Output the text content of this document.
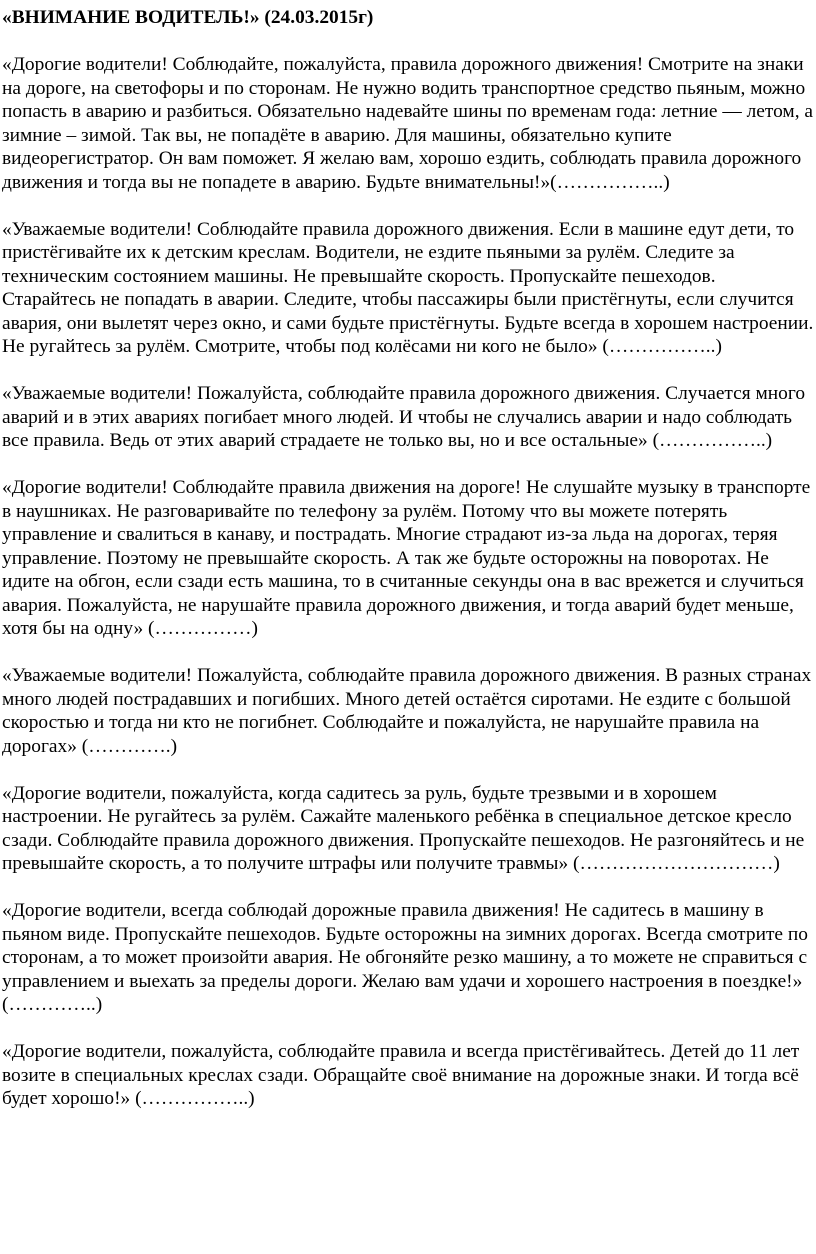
«ВНИМАНИЕ ВОДИТЕЛЬ!» (24.03.2015г)

«Дорогие водители! Соблюдайте, пожалуйста, правила дорожного движения! Смотрите на знаки на дороге, на светофоры и по сторонам. Не нужно водить транспортное средство пьяным, можно попасть в аварию и разбиться. Обязательно надевайте шины по временам года: летние — летом, а зимние – зимой. Так вы, не попадёте в аварию. Для машины, обязательно купите видеорегистратор. Он вам поможет. Я желаю вам, хорошо ездить, соблюдать правила дорожного движения и тогда вы не попадете в аварию. Будьте внимательны!»(……………..)

«Уважаемые водители! Соблюдайте правила дорожного движения. Если в машине едут дети, то пристёгивайте их к детским креслам. Водители, не ездите пьяными за рулём. Следите за техническим состоянием машины. Не превышайте скорость. Пропускайте пешеходов. Старайтесь не попадать в аварии. Следите, чтобы пассажиры были пристёгнуты, если случится авария, они вылетят через окно, и сами будьте пристёгнуты. Будьте всегда в хорошем настроении. Не ругайтесь за рулём. Смотрите, чтобы под колёсами ни кого не было» (……………..)

«Уважаемые водители! Пожалуйста, соблюдайте правила дорожного движения. Случается много аварий и в этих авариях погибает много людей. И чтобы не случались аварии и надо соблюдать все правила. Ведь от этих аварий страдаете не только вы, но и все остальные» (……………..)

«Дорогие водители! Соблюдайте правила движения на дороге! Не слушайте музыку в транспорте в наушниках. Не разговаривайте по телефону за рулём. Потому что вы можете потерять управление и свалиться в канаву, и пострадать. Многие страдают из-за льда на дорогах, теряя управление. Поэтому не превышайте скорость. А так же будьте осторожны на поворотах. Не идите на обгон, если сзади есть машина, то в считанные секунды она в вас врежется и случиться авария. Пожалуйста, не нарушайте правила дорожного движения, и тогда аварий будет меньше, хотя бы на одну» (……………)

«Уважаемые водители! Пожалуйста, соблюдайте правила дорожного движения. В разных странах много людей пострадавших и погибших. Много детей остаётся сиротами. Не ездите с большой скоростью и тогда ни кто не погибнет. Соблюдайте и пожалуйста, не нарушайте правила на дорогах» (………….)

«Дорогие водители, пожалуйста, когда садитесь за руль, будьте трезвыми и в хорошем настроении. Не ругайтесь за рулём. Сажайте маленького ребёнка в специальное детское кресло сзади. Соблюдайте правила дорожного движения. Пропускайте пешеходов. Не разгоняйтесь и не превышайте скорость, а то получите штрафы или получите травмы» (…………………………)

«Дорогие водители, всегда соблюдай дорожные правила движения! Не садитесь в машину в пьяном виде. Пропускайте пешеходов. Будьте осторожны на зимних дорогах. Всегда смотрите по сторонам, а то может произойти авария. Не обгоняйте резко машину, а то можете не справиться с управлением и выехать за пределы дороги. Желаю вам удачи и хорошего настроения в поездке!» (…………..)

«Дорогие водители, пожалуйста, соблюдайте правила и всегда пристёгивайтесь. Детей до 11 лет возите в специальных креслах сзади. Обращайте своё внимание на дорожные знаки. И тогда всё будет хорошо!» (……………..)
